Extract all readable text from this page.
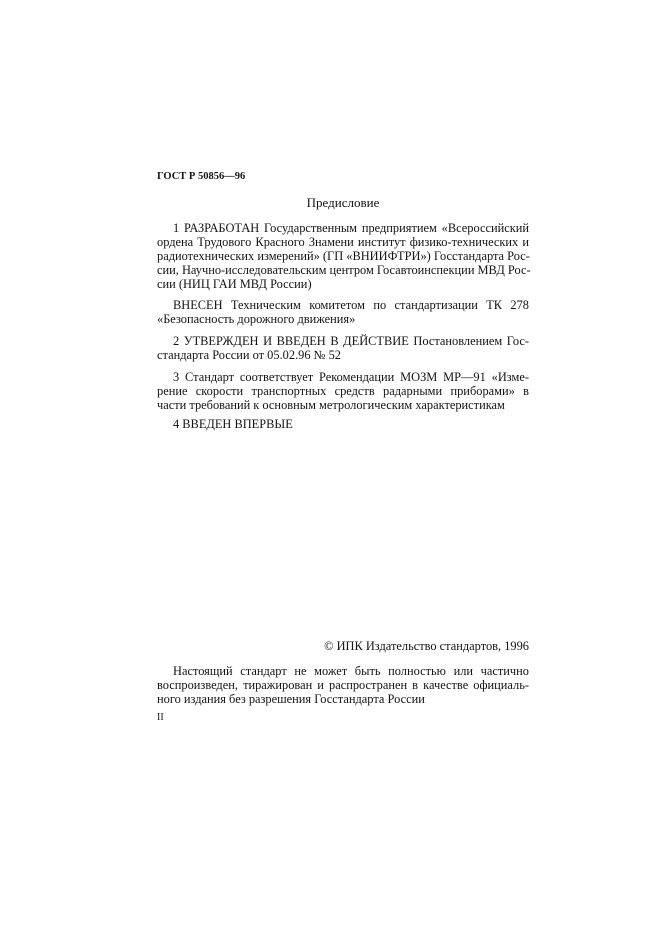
ГОСТ Р 50856—96
Предисловие
1 РАЗРАБОТАН Государственным предприятием «Всероссийский
ордена Трудового Красного Знамени институт физико-технических и
радиотехнических измерений» (ГП «ВНИИФТРИ») Госстандарта Рос-
сии, Научно-исследовательским центром Госавтоинспекции МВД Рос-
сии (НИЦ ГАИ МВД России)
ВНЕСЕН Техническим комитетом по стандартизации ТК 278
«Безопасность дорожного движения»
2 УТВЕРЖДЕН И ВВЕДЕН В ДЕЙСТВИЕ Постановлением Гос-
стандарта России от 05.02.96 № 52
3 Стандарт соответствует Рекомендации МОЗМ МР—91 «Изме-
рение скорости транспортных средств радарными приборами» в
части требований к основным метрологическим характеристикам
4 ВВЕДЕН ВПЕРВЫЕ
© ИПК Издательство стандартов, 1996
Настоящий стандарт не может быть полностью или частично
воспроизведен, тиражирован и распространен в качестве официаль-
ного издания без разрешения Госстандарта России
II
